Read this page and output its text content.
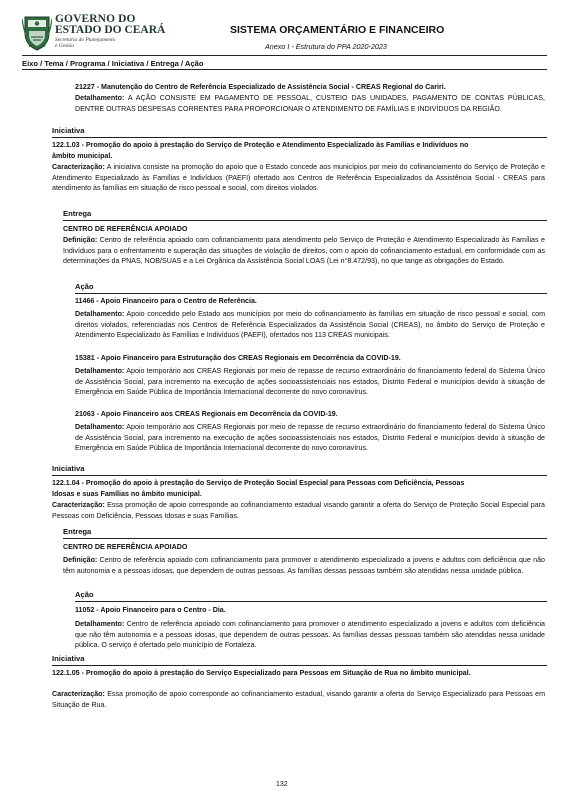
GOVERNO DO
ESTADO DO CEARÁ
Secretaria do Planejamento
e Gestão
SISTEMA ORÇAMENTÁRIO E FINANCEIRO
Anexo I - Estrutura do PPA 2020-2023
Eixo / Tema / Programa / Iniciativa / Entrega / Ação
21227 - Manutenção do Centro de Referência Especializado de Assistência Social - CREAS Regional do Cariri.
Detalhamento: A AÇÃO CONSISTE EM PAGAMENTO DE PESSOAL, CUSTEIO DAS UNIDADES, PAGAMENTO DE CONTAS PÚBLICAS, DENTRE OUTRAS DESPESAS CORRENTES PARA PROPORCIONAR O ATENDIMENTO DE FAMÍLIAS E INDIVÍDUOS DA REGIÃO.
Iniciativa
122.1.03 - Promoção do apoio à prestação do Serviço de Proteção e Atendimento Especializado às Famílias e Indivíduos no âmbito municipal.
Caracterização: A iniciativa consiste na promoção do apoio que o Estado concede aos municípios por meio do cofinanciamento do Serviço de Proteção e Atendimento Especializado às Famílias e Indivíduos (PAEFI) ofertado aos Centros de Referência Especializados da Assistência Social - CREAS para atendimento às famílias em situação de risco pessoal e social, com direitos violados.
Entrega
CENTRO DE REFERÊNCIA APOIADO
Definição: Centro de referência apoiado com cofinanciamento para atendimento pelo Serviço de Proteção e Atendimento Especializado às Famílias e Indivíduos para o enfrentamento e superação das situações de violação de direitos, com o apoio do cofinanciamento estadual, em conformidade com as determinações da PNAS, NOB/SUAS e a Lei Orgânica da Assistência Social LOAS (Lei n°8.472/93), no que tange as obrigações do Estado.
Ação
11466 - Apoio Financeiro para o Centro de Referência.
Detalhamento: Apoio concedido pelo Estado aos municípios por meio do cofinanciamento às famílias em situação de risco pessoal e social, com direitos violados, referenciadas nos Centros de Referência Especializados da Assistência Social (CREAS), no âmbito do Serviço de Proteção e Atendimento Especializado às Famílias e Indivíduos (PAEFI), ofertados nos 113 CREAS municipais.
15381 - Apoio Financeiro para Estruturação dos CREAS Regionais em Decorrência da COVID-19.
Detalhamento: Apoio temporário aos CREAS Regionais por meio de repasse de recurso extraordinário do financiamento federal do Sistema Único de Assistência Social, para incremento na execução de ações socioassistenciais nos estados, Distrito Federal e municípios devido à situação de Emergência em Saúde Pública de Importância Internacional decorrente do novo coronavírus.
21063 - Apoio Financeiro aos CREAS Regionais em Decorrência da COVID-19.
Detalhamento: Apoio temporário aos CREAS Regionais por meio de repasse de recurso extraordinário do financiamento federal do Sistema Único de Assistência Social, para incremento na execução de ações socioassistenciais nos estados, Distrito Federal e municípios devido à situação de Emergência em Saúde Pública de Importância Internacional decorrente do novo coronavírus.
Iniciativa
122.1.04 - Promoção do apoio à prestação do Serviço de Proteção Social Especial para Pessoas com Deficiência, Pessoas Idosas e suas Famílias no âmbito municipal.
Caracterização: Essa promoção de apoio corresponde ao cofinanciamento estadual visando garantir a oferta do Serviço de Proteção Social Especial para Pessoas com Deficiência, Pessoas Idosas e suas Famílias.
Entrega
CENTRO DE REFERÊNCIA APOIADO
Definição: Centro de referência apoiado com cofinanciamento para promover o atendimento especializado a jovens e adultos com deficiência que não têm autonomia e a pessoas idosas, que dependem de outras pessoas. As famílias dessas pessoas também são atendidas nessa unidade pública.
Ação
11052 - Apoio Financeiro para o Centro - Dia.
Detalhamento: Centro de referência apoiado com cofinanciamento para promover o atendimento especializado a jovens e adultos com deficiência que não têm autonomia e a pessoas idosas, que dependem de outras pessoas. As famílias dessas pessoas também são atendidas nessa unidade pública. O serviço é ofertado pelo município de Fortaleza.
Iniciativa
122.1.05 - Promoção do apoio à prestação do Serviço Especializado para Pessoas em Situação de Rua no âmbito municipal.
Caracterização: Essa promoção de apoio corresponde ao cofinanciamento estadual, visando garantir a oferta do Serviço Especializado para Pessoas em Situação de Rua.
132
